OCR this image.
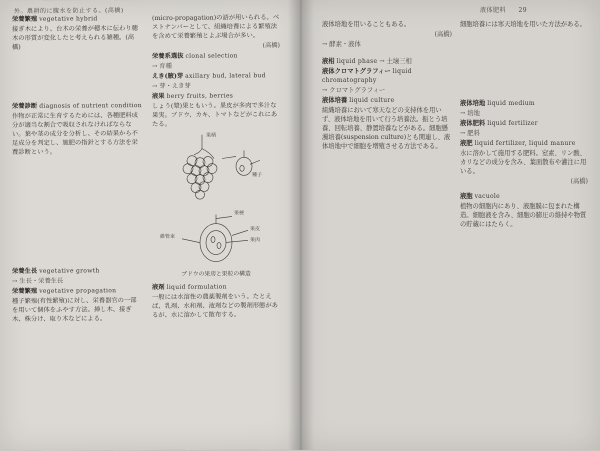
外。農耕的に腹水を防止する。(高橋)
栄養繁殖 vegetative hybrid
接ぎ木により、台木の栄養が穂木に伝わり穂木の形質が変化したと考えられる雑種。(高橋)
栄養診断 diagnosis of nutrient condition
作物が正常に生育するためには、各種肥料成分が適当な割合で吸収されなければならない。葉や茎の成分を分析し、その結果から不足成分を判定し、施肥の指針とする方法を栄養診断という。
栄養生長 vegetative growth
→ 生長・栄養生長
栄養繁殖 vegetative propagation
種子繁殖(有性繁殖)に対し、栄養器官の一部を用いて個体をふやす方法。挿し木、接ぎ木、株分け、取り木などによる。
(micro-propagation)の語が用いられる。ベストナンバーとして、組織培養による繁殖法を含めて栄養繁殖とよぶ場合が多い。
(高橋)
栄養系選抜 clonal selection
→ 育種
えき(腋)芽 axillary bud, lateral bud
→ 芽・えき芽
液果 berry fruits, berries
しょう(漿)果ともいう。果皮が多肉で多汁な果実。ブドウ、カキ、トマトなどがこれにあたる。
果柄
種子
果皮
果肉
維管束
果梗
ブドウの果房と果粒の構造
液剤 liquid formulation
一般には水溶性の農薬製剤をいう。たとえば、乳剤、水和剤、液剤などの製剤形態があるが、水に溶かして散布する。
液体肥料 29
液体培地を用いることもある。
(高橋)
→ 酵素・液体
液相 liquid phase → 土壌三相
液体クロマトグラフィー liquid chromatography
→ クロマトグラフィー
液体培養 liquid culture
組織培養において寒天などの支持体を用いず、液体培地を用いて行う培養法。振とう培養、回転培養、静置培養などがある。細胞懸濁培養(suspension culture)とも関連し、液体培地中で細胞を増殖させる方法である。
細胞培養には寒天培地を用いた方法がある。
液体培地 liquid medium
→ 培地
液体肥料 liquid fertilizer
→ 肥料
液肥 liquid fertilizer, liquid manure
水に溶かして施用する肥料。窒素、リン酸、カリなどの成分を含み、葉面散布や灌注に用いる。
(高橋)
液胞 vacuole
植物の細胞内にあり、液胞膜に包まれた構造。細胞液を含み、細胞の膨圧の維持や物質の貯蔵にはたらく。
